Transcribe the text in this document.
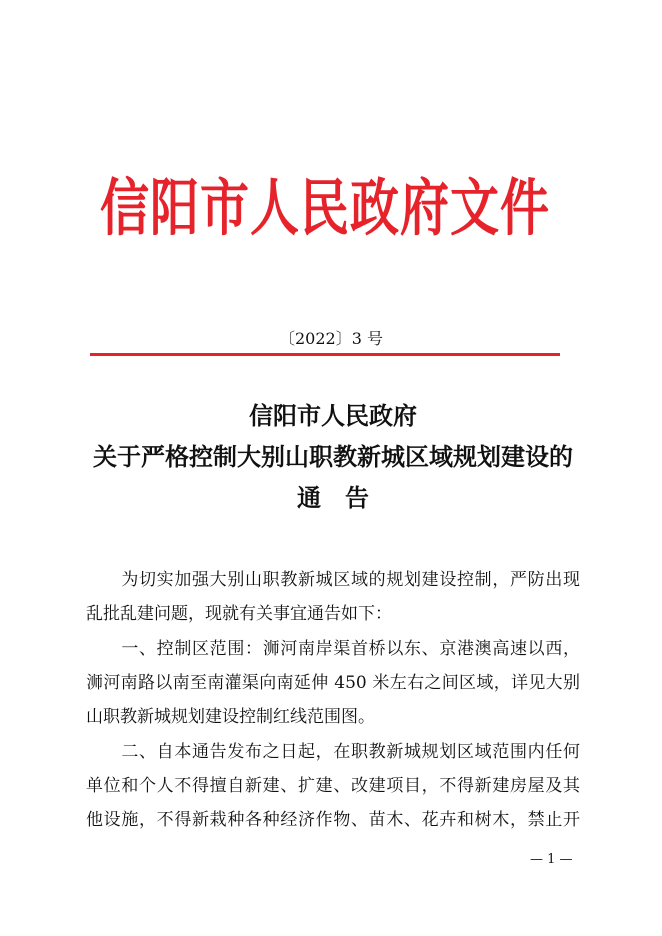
信阳市人民政府文件
〔2022〕3 号
信阳市人民政府
关于严格控制大别山职教新城区域规划建设的
通　告
　　为切实加强大别山职教新城区域的规划建设控制，严防出现
乱批乱建问题，现就有关事宜通告如下：
　　一、控制区范围：浉河南岸渠首桥以东、京港澳高速以西，
浉河南路以南至南灌渠向南延伸 450 米左右之间区域，详见大别
山职教新城规划建设控制红线范围图。
　　二、自本通告发布之日起，在职教新城规划区域范围内任何
单位和个人不得擅自新建、扩建、改建项目，不得新建房屋及其
他设施，不得新栽种各种经济作物、苗木、花卉和树木，禁止开
— 1 —
